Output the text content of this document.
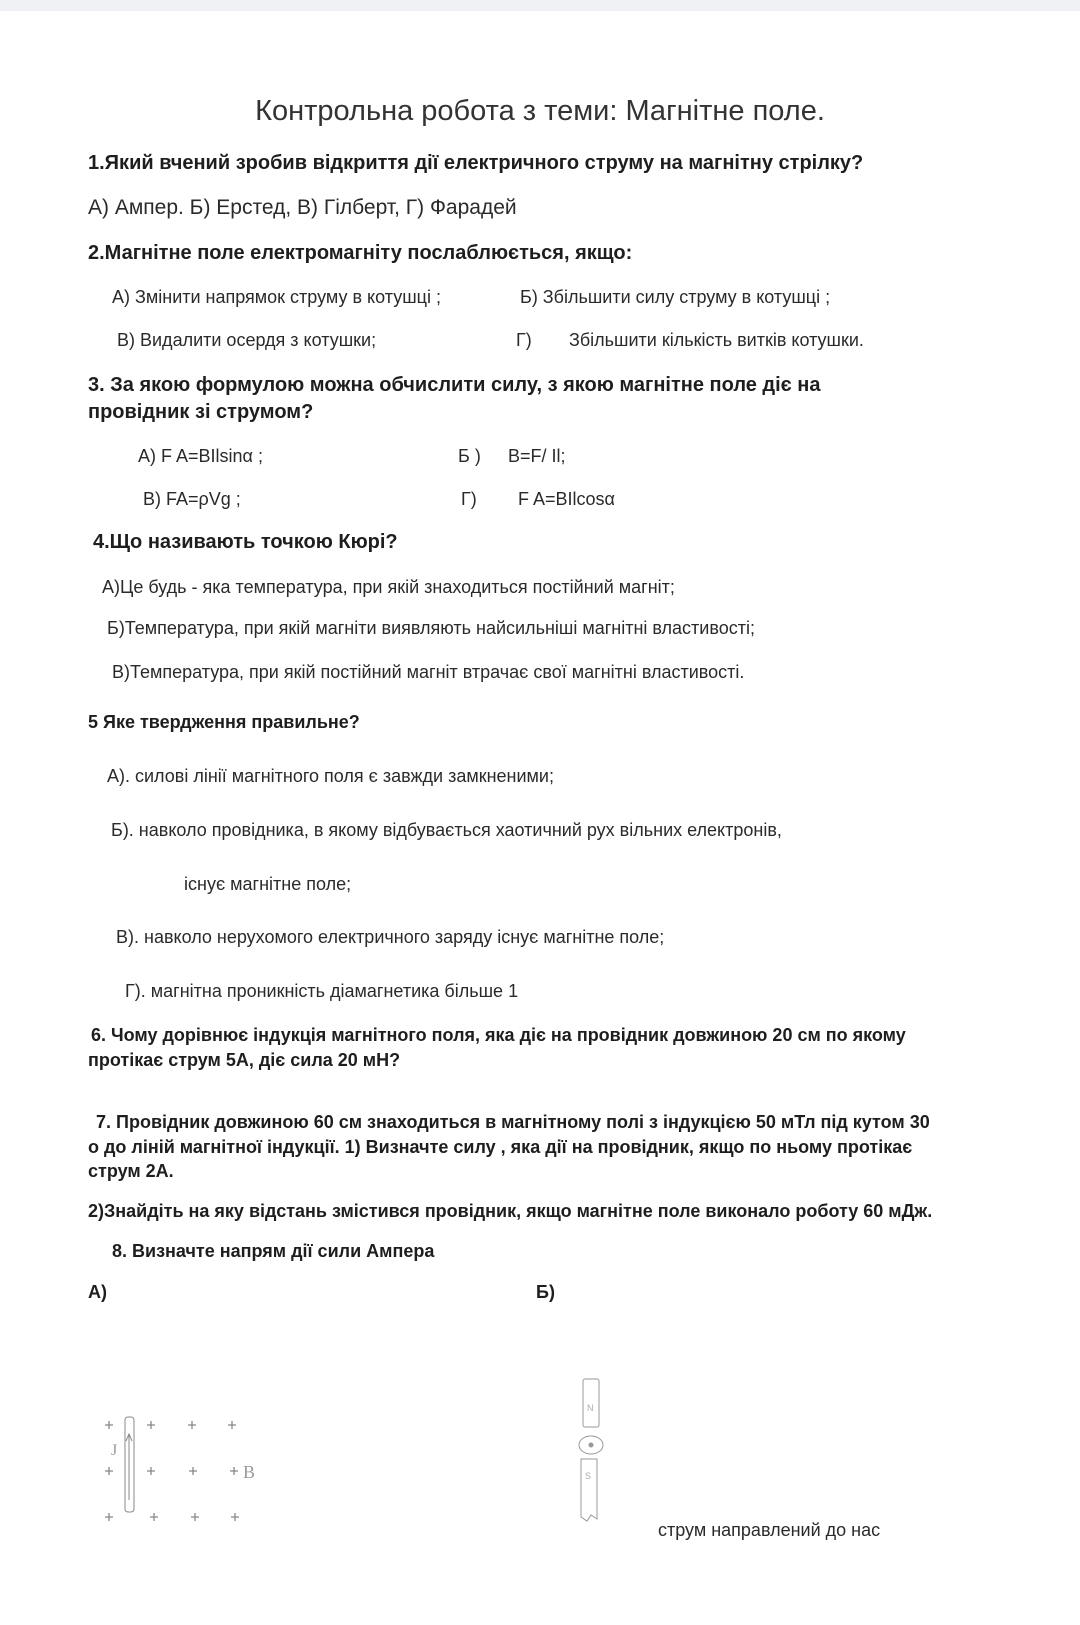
Контрольна робота з теми: Магнітне поле.
1.Який вчений зробив відкриття дії електричного струму на магнітну стрілку?
А) Ампер. Б) Ерстед, В) Гілберт, Г) Фарадей
2.Магнітне поле електромагніту послаблюється, якщо:
А) Змінити напрямок струму в котушці ;	Б) Збільшити силу струму в котушці ;
В) Видалити осердя з котушки;	Г) Збільшити кількість витків котушки.
3. За якою формулою можна обчислити силу, з якою магнітне поле діє на
провідник зі струмом?
А) F A=BIlsinα ;	Б ) B=F/ Il;
В) FA=ρVg ;	Г) F A=BIlcosα
4.Що називають точкою Кюрі?
А)Це будь - яка температура, при якій знаходиться постійний магніт;
Б)Температура, при якій магніти виявляють найсильніші магнітні властивості;
В)Температура, при якій постійний магніт втрачає свої магнітні властивості.
5 Яке твердження правильне?
А). силові лінії магнітного поля є завжди замкненими;
Б). навколо провідника, в якому відбувається хаотичний рух вільних електронів,
існує магнітне поле;
В). навколо нерухомого електричного заряду існує магнітне поле;
Г). магнітна проникність діамагнетика більше 1
6. Чому дорівнює індукція магнітного поля, яка діє на провідник довжиною 20 см по якому
протікає струм 5А, діє сила 20 мН?
7. Провідник довжиною 60 см знаходиться в магнітному полі з індукцією 50 мТл під кутом 30
о до ліній магнітної індукції. 1) Визначте силу , яка дії на провідник, якщо по ньому протікає
струм 2А.
2)Знайдіть на яку відстань змістився провідник, якщо магнітне поле виконало роботу 60 мДж.
8. Визначте напрям дії сили Ампера
А)	Б)
J
B
N
S
струм направлений до нас
